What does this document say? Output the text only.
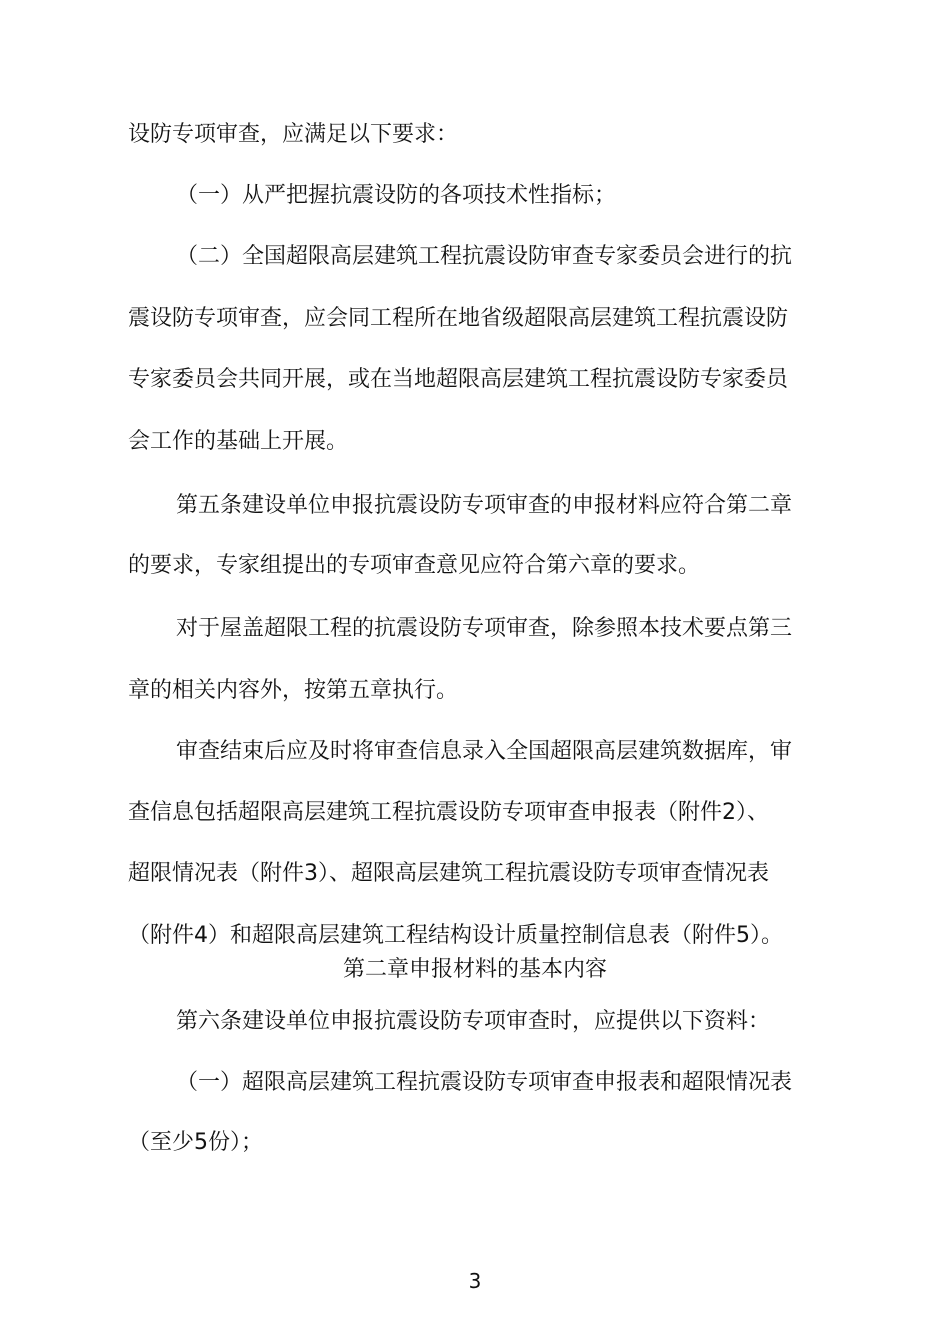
设防专项审查，应满足以下要求：
（一）从严把握抗震设防的各项技术性指标；
（二）全国超限高层建筑工程抗震设防审查专家委员会进行的抗
震设防专项审查，应会同工程所在地省级超限高层建筑工程抗震设防
专家委员会共同开展，或在当地超限高层建筑工程抗震设防专家委员
会工作的基础上开展。
第五条建设单位申报抗震设防专项审查的申报材料应符合第二章
的要求，专家组提出的专项审查意见应符合第六章的要求。
对于屋盖超限工程的抗震设防专项审查，除参照本技术要点第三
章的相关内容外，按第五章执行。
审查结束后应及时将审查信息录入全国超限高层建筑数据库，审
查信息包括超限高层建筑工程抗震设防专项审查申报表（附件2）、
超限情况表（附件3）、超限高层建筑工程抗震设防专项审查情况表
（附件4）和超限高层建筑工程结构设计质量控制信息表（附件5）。
第二章申报材料的基本内容
第六条建设单位申报抗震设防专项审查时，应提供以下资料：
（一）超限高层建筑工程抗震设防专项审查申报表和超限情况表
（至少5份）；
3
